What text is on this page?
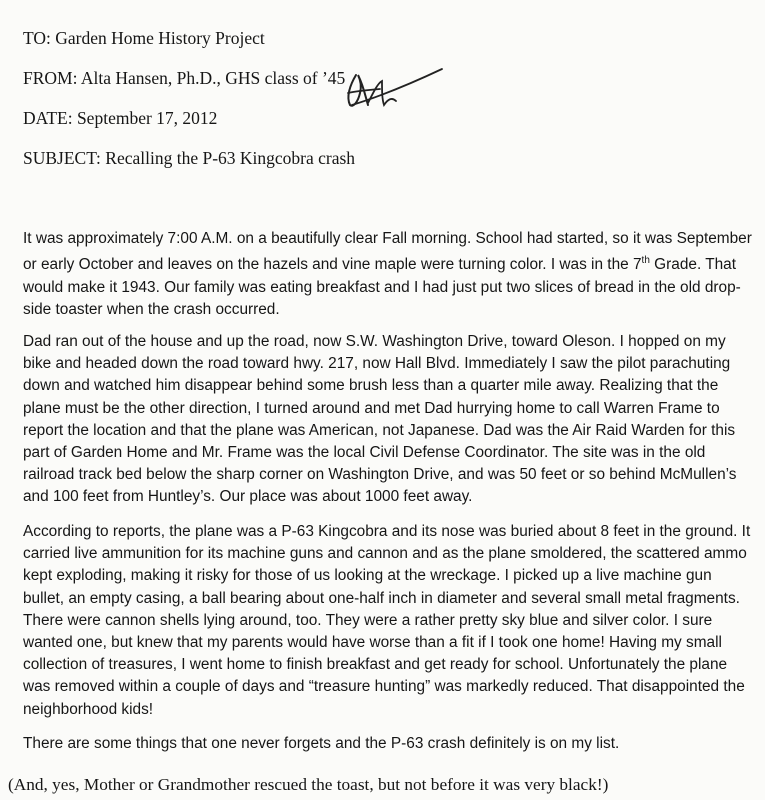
TO: Garden Home History Project

FROM: Alta Hansen, Ph.D., GHS class of ’45

DATE: September 17, 2012

SUBJECT: Recalling the P-63 Kingcobra crash

It was approximately 7:00 A.M. on a beautifully clear Fall morning. School had started, so it was September or early October and leaves on the hazels and vine maple were turning color. I was in the 7th Grade. That would make it 1943. Our family was eating breakfast and I had just put two slices of bread in the old drop-side toaster when the crash occurred.

Dad ran out of the house and up the road, now S.W. Washington Drive, toward Oleson. I hopped on my bike and headed down the road toward hwy. 217, now Hall Blvd. Immediately I saw the pilot parachuting down and watched him disappear behind some brush less than a quarter mile away. Realizing that the plane must be the other direction, I turned around and met Dad hurrying home to call Warren Frame to report the location and that the plane was American, not Japanese. Dad was the Air Raid Warden for this part of Garden Home and Mr. Frame was the local Civil Defense Coordinator. The site was in the old railroad track bed below the sharp corner on Washington Drive, and was 50 feet or so behind McMullen’s and 100 feet from Huntley’s. Our place was about 1000 feet away.

According to reports, the plane was a P-63 Kingcobra and its nose was buried about 8 feet in the ground. It carried live ammunition for its machine guns and cannon and as the plane smoldered, the scattered ammo kept exploding, making it risky for those of us looking at the wreckage. I picked up a live machine gun bullet, an empty casing, a ball bearing about one-half inch in diameter and several small metal fragments. There were cannon shells lying around, too. They were a rather pretty sky blue and silver color. I sure wanted one, but knew that my parents would have worse than a fit if I took one home! Having my small collection of treasures, I went home to finish breakfast and get ready for school. Unfortunately the plane was removed within a couple of days and “treasure hunting” was markedly reduced. That disappointed the neighborhood kids!

There are some things that one never forgets and the P-63 crash definitely is on my list.

(And, yes, Mother or Grandmother rescued the toast, but not before it was very black!)
